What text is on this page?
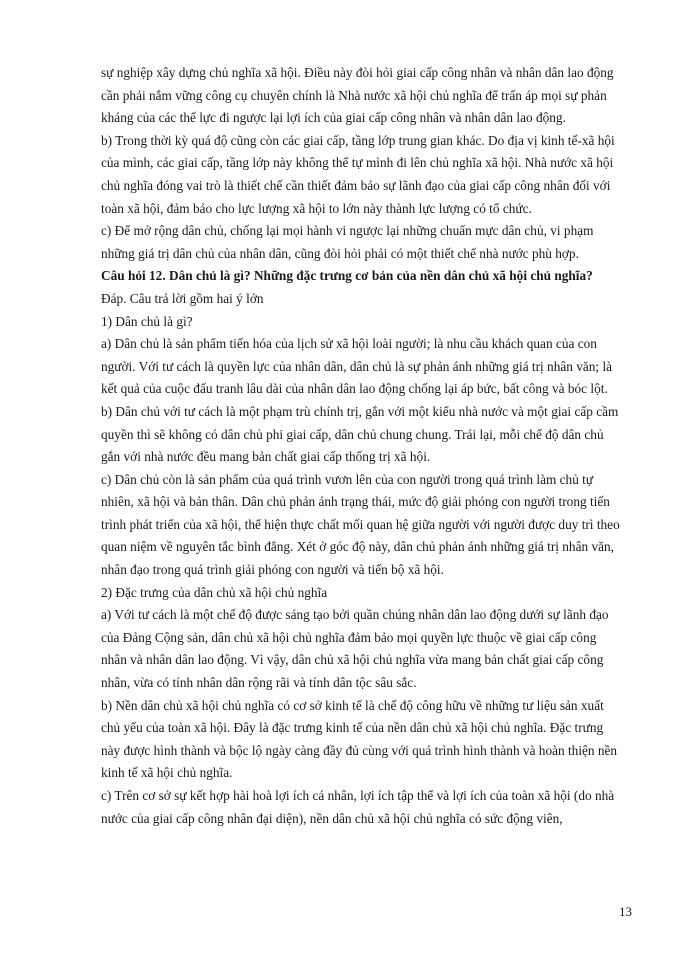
sự nghiệp xây dựng chủ nghĩa xã hội. Điều này đòi hỏi giai cấp công nhân và nhân dân lao động cần phải nắm vững công cụ chuyên chính là Nhà nước xã hội chủ nghĩa để trấn áp mọi sự phản kháng của các thế lực đi ngược lại lợi ích của giai cấp công nhân và nhân dân lao động.

b) Trong thời kỳ quá độ cũng còn các giai cấp, tầng lớp trung gian khác. Do địa vị kinh tế-xã hội của mình, các giai cấp, tầng lớp này không thể tự mình đi lên chủ nghĩa xã hội. Nhà nước xã hội chủ nghĩa đóng vai trò là thiết chế cần thiết đảm bảo sự lãnh đạo của giai cấp công nhân đối với toàn xã hội, đảm bảo cho lực lượng xã hội to lớn này thành lực lượng có tổ chức.

c) Để mở rộng dân chủ, chống lại mọi hành vi ngược lại những chuẩn mực dân chủ, vi phạm những giá trị dân chủ của nhân dân, cũng đòi hỏi phải có một thiết chế nhà nước phù hợp.

Câu hỏi 12. Dân chủ là gì? Những đặc trưng cơ bản của nền dân chủ xã hội chủ nghĩa?

Đáp. Câu trả lời gồm hai ý lớn

1) Dân chủ là gì?

a) Dân chủ là sản phẩm tiến hóa của lịch sử xã hội loài người; là nhu cầu khách quan của con người. Với tư cách là quyền lực của nhân dân, dân chủ là sự phản ánh những giá trị nhân văn; là kết quả của cuộc đấu tranh lâu dài của nhân dân lao động chống lại áp bức, bất công và bóc lột.

b) Dân chủ với tư cách là một phạm trù chính trị, gắn với một kiểu nhà nước và một giai cấp cầm quyền thì sẽ không có dân chủ phi giai cấp, dân chủ chung chung. Trái lại, mỗi chế độ dân chủ gắn với nhà nước đều mang bản chất giai cấp thống trị xã hội.

c) Dân chủ còn là sản phẩm của quá trình vươn lên của con người trong quá trình làm chủ tự nhiên, xã hội và bản thân. Dân chủ phản ánh trạng thái, mức độ giải phóng con người trong tiến trình phát triển của xã hội, thể hiện thực chất mối quan hệ giữa người với người được duy trì theo quan niệm về nguyên tắc bình đẳng. Xét ở góc độ này, dân chủ phản ánh những giá trị nhân văn, nhân đạo trong quá trình giải phóng con người và tiến bộ xã hội.

2) Đặc trưng của dân chủ xã hội chủ nghĩa

a) Với tư cách là một chế độ được sáng tạo bởi quần chúng nhân dân lao động dưới sự lãnh đạo của Đảng Cộng sản, dân chủ xã hội chủ nghĩa đảm bảo mọi quyền lực thuộc về giai cấp công nhân và nhân dân lao động. Vì vậy, dân chủ xã hội chủ nghĩa vừa mang bản chất giai cấp công nhân, vừa có tính nhân dân rộng rãi và tính dân tộc sâu sắc.

b) Nền dân chủ xã hội chủ nghĩa có cơ sở kinh tế là chế độ công hữu về những tư liệu sản xuất chủ yếu của toàn xã hội. Đây là đặc trưng kinh tế của nền dân chủ xã hội chủ nghĩa. Đặc trưng này được hình thành và bộc lộ ngày càng đầy đủ cùng với quá trình hình thành và hoàn thiện nền kinh tế xã hội chủ nghĩa.

c) Trên cơ sở sự kết hợp hài hoà lợi ích cá nhân, lợi ích tập thể và lợi ích của toàn xã hội (do nhà nước của giai cấp công nhân đại diện), nền dân chủ xã hội chủ nghĩa có sức động viên,

13
